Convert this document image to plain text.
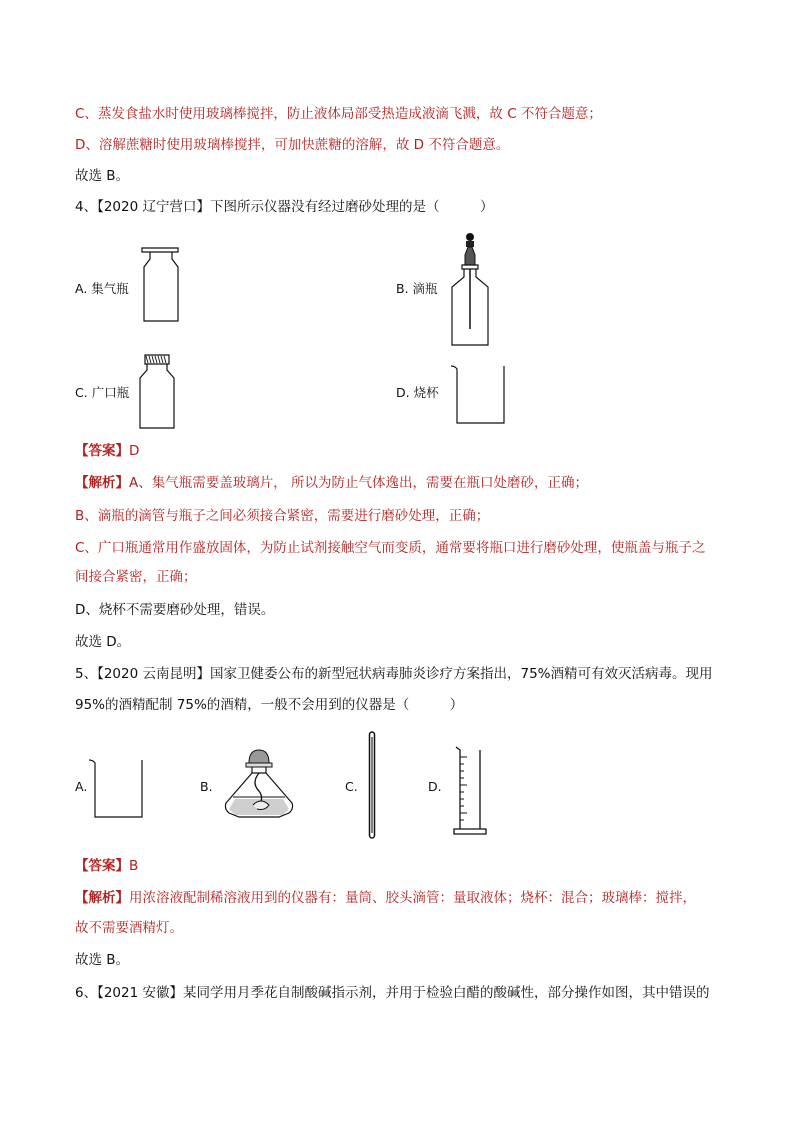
C、蒸发食盐水时使用玻璃棒搅拌，防止液体局部受热造成液滴飞溅，故 C 不符合题意；
D、溶解蔗糖时使用玻璃棒搅拌，可加快蔗糖的溶解，故 D 不符合题意。
故选 B。
4、【2020 辽宁营口】下图所示仪器没有经过磨砂处理的是（　　　）
A. 集气瓶	B. 滴瓶
C. 广口瓶	D. 烧杯
【答案】D
【解析】A、集气瓶需要盖玻璃片， 所以为防止气体逸出，需要在瓶口处磨砂，正确；
B、滴瓶的滴管与瓶子之间必须接合紧密，需要进行磨砂处理，正确；
C、广口瓶通常用作盛放固体，为防止试剂接触空气而变质，通常要将瓶口进行磨砂处理，使瓶盖与瓶子之
间接合紧密，正确；
D、烧杯不需要磨砂处理，错误。
故选 D。
5、【2020 云南昆明】国家卫健委公布的新型冠状病毒肺炎诊疗方案指出，75%酒精可有效灭活病毒。现用
95%的酒精配制 75%的酒精，一般不会用到的仪器是（　　　）
A.	B.	C.	D.
【答案】B
【解析】用浓溶液配制稀溶液用到的仪器有：量筒、胶头滴管：量取液体；烧杯：混合；玻璃棒：搅拌，
故不需要酒精灯。
故选 B。
6、【2021 安徽】某同学用月季花自制酸碱指示剂，并用于检验白醋的酸碱性，部分操作如图，其中错误的
